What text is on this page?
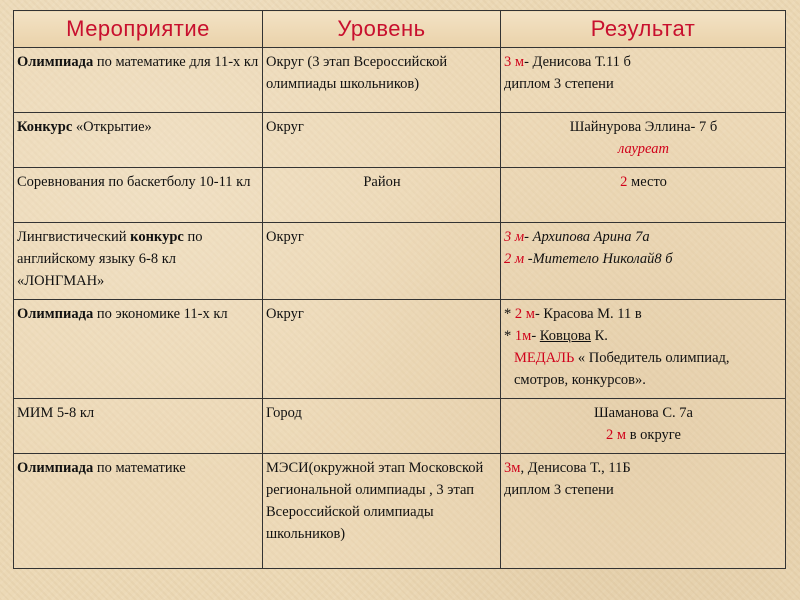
Мероприятие	Уровень	Результат
Олимпиада по математике для 11-х кл	Округ (3 этап Всероссийской олимпиады школьников)	3 м- Денисова Т.11 б
диплом 3 степени

Конкурс «Открытие»	Округ	Шайнурова Эллина- 7 б
лауреат

Соревнования по баскетболу 10-11 кл	Район	2 место
Лингвистический конкурс по английскому языку 6-8 кл «ЛОНГМАН»	Округ	3 м- Архипова Арина 7а
2 м -Митетело Николай8 б

Олимпиада по экономике 11-х кл	Округ	* 2 м- Красова М. 11 в
* 1м- Ковцова К.
МЕДАЛЬ « Победитель олимпиад, смотров, конкурсов».

МИМ 5-8 кл	Город	Шаманова С. 7а
2 м в округе

Олимпиада по математике	МЭСИ(окружной этап Московской региональной олимпиады , 3 этап Всероссийской олимпиады школьников)	3м, Денисова Т., 11Б
диплом 3 степени
